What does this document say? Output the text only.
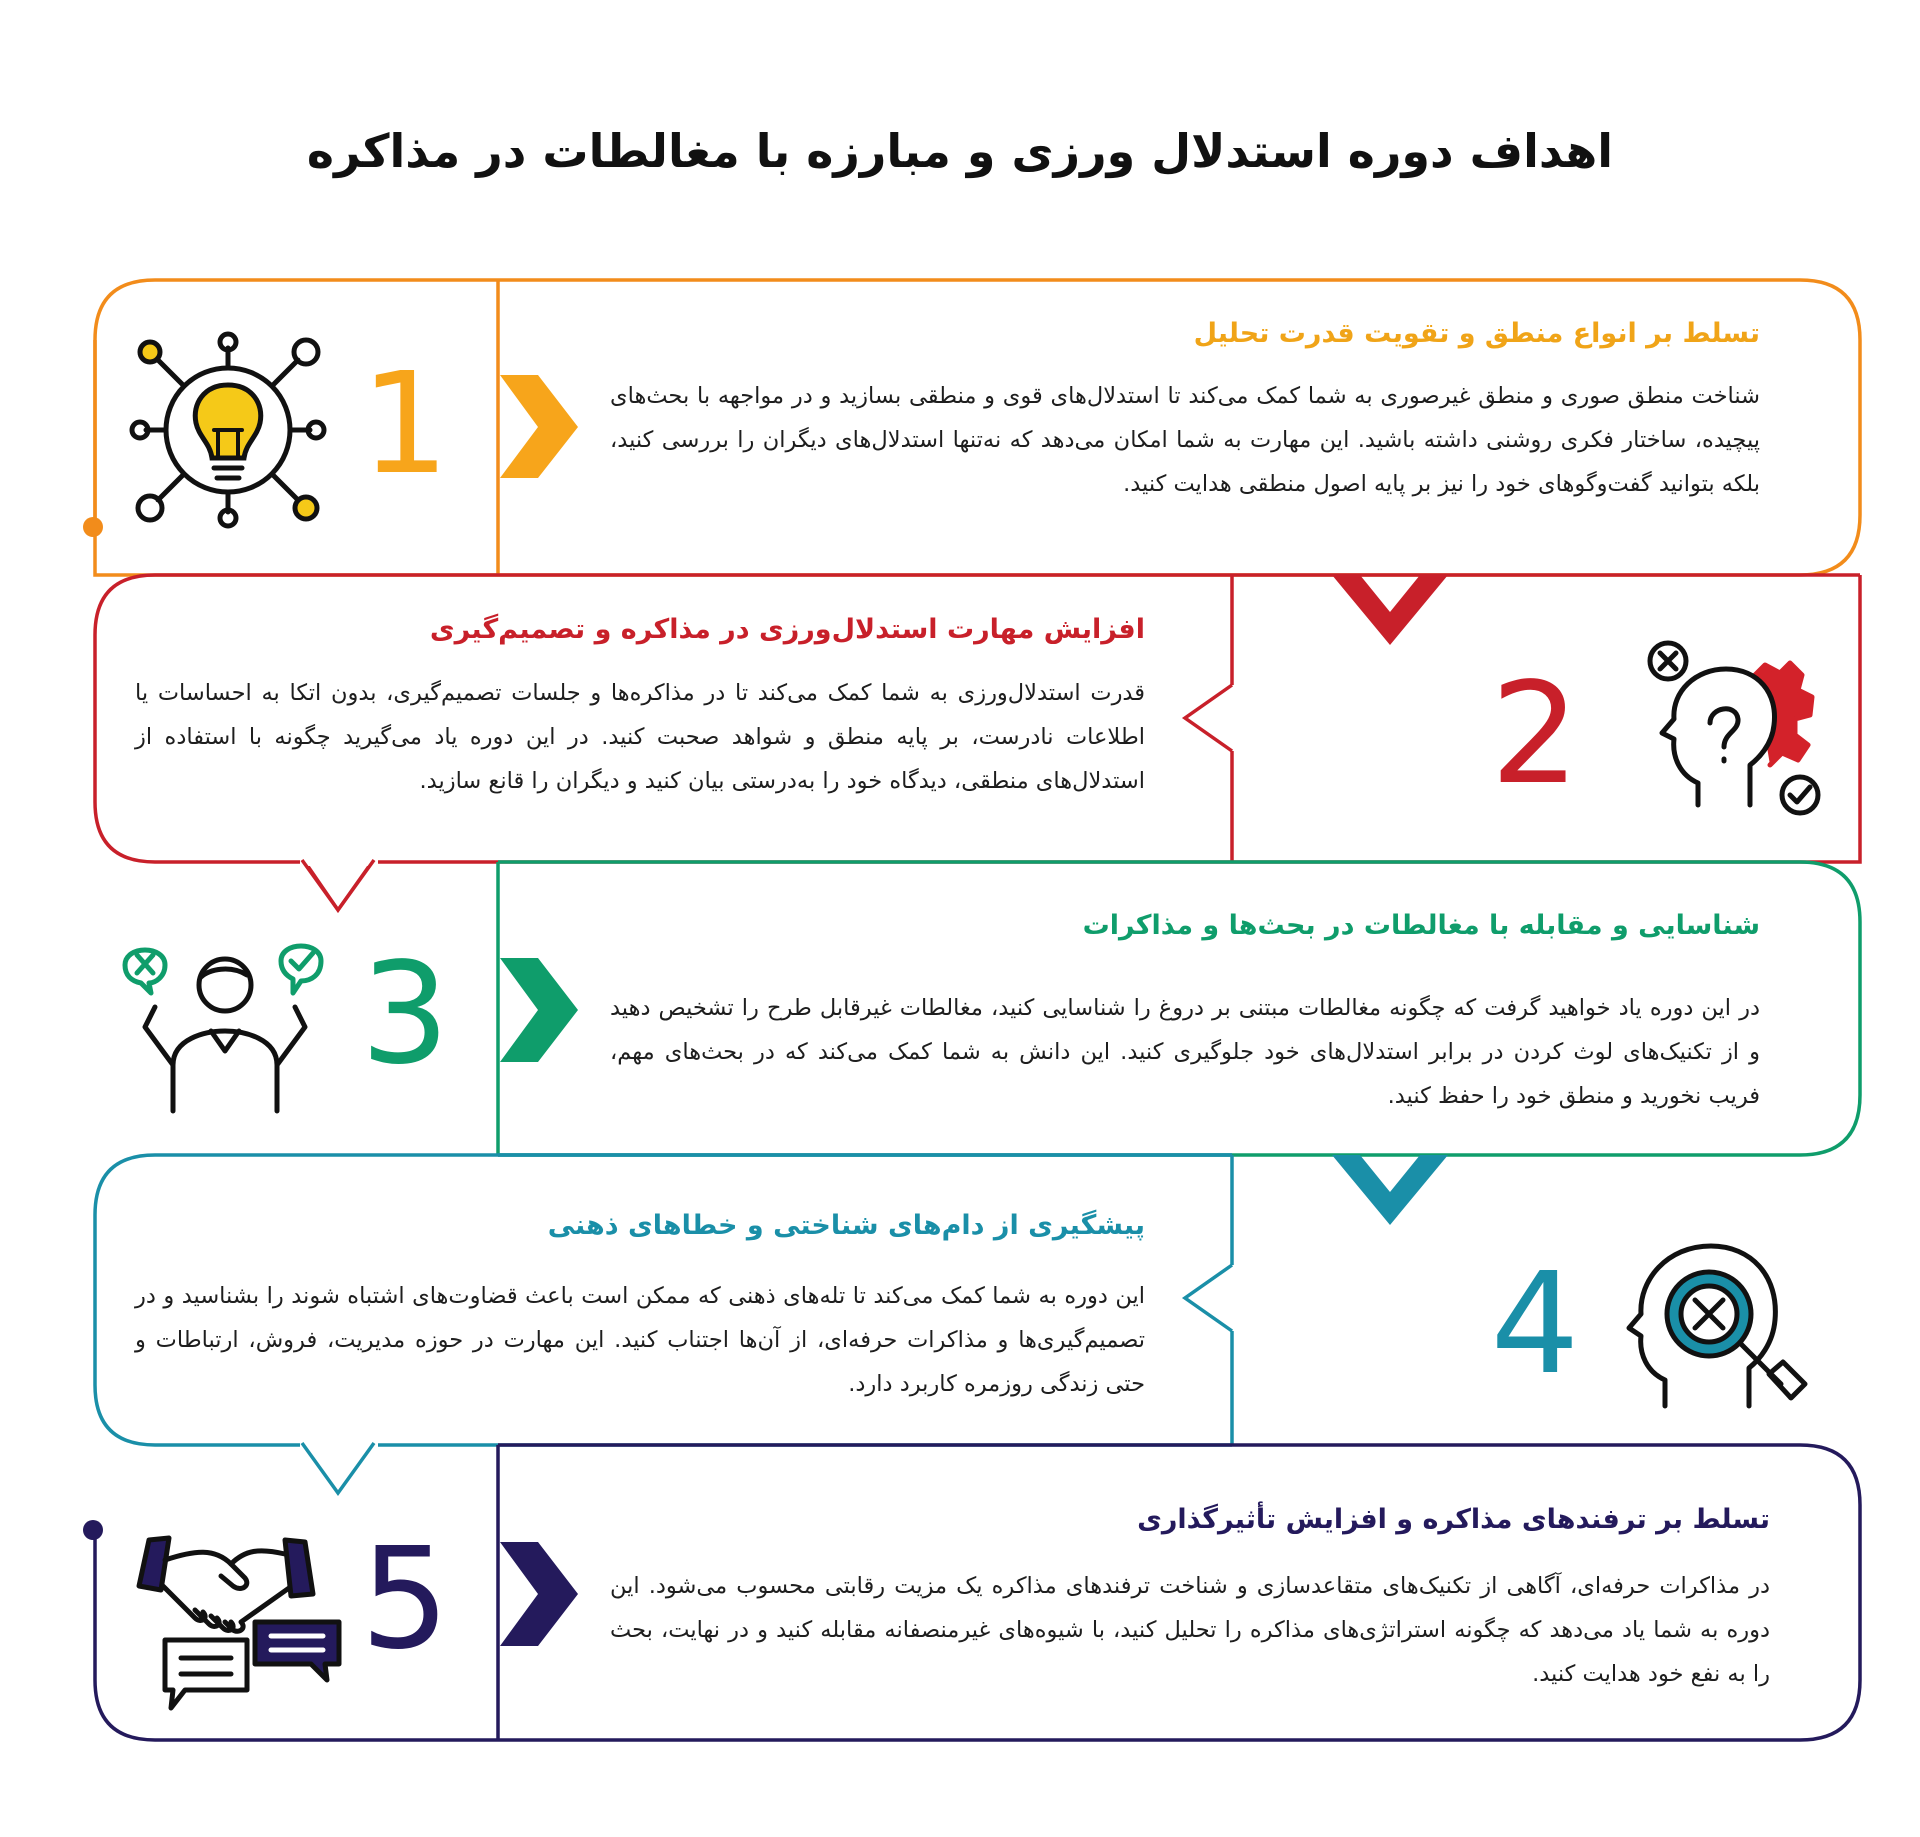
اهداف دوره استدلال ورزی و مبارزه با مغالطات در مذاکره
1
2
3
4
5
تسلط بر انواع منطق و تقویت قدرت تحلیل
افزایش مهارت استدلال‌ورزی در مذاکره و تصمیم‌گیری
شناسایی و مقابله با مغالطات در بحث‌ها و مذاکرات
پیشگیری از دام‌های شناختی و خطاهای ذهنی
تسلط بر ترفندهای مذاکره و افزایش تأثیرگذاری

شناخت منطق صوری و منطق غیرصوری به شما کمک می‌کند تا استدلال‌های قوی و منطقی بسازید و در مواجهه با بحث‌های پیچیده، ساختار فکری روشنی داشته باشید. این مهارت به شما امکان می‌دهد که نه‌تنها استدلال‌های دیگران را بررسی کنید، بلکه بتوانید گفت‌وگوهای خود را نیز بر پایه اصول منطقی هدایت کنید.

قدرت استدلال‌ورزی به شما کمک می‌کند تا در مذاکره‌ها و جلسات تصمیم‌گیری، بدون اتکا به احساسات یا اطلاعات نادرست، بر پایه منطق و شواهد صحبت کنید. در این دوره یاد می‌گیرید چگونه با استفاده از استدلال‌های منطقی، دیدگاه خود را به‌درستی بیان کنید و دیگران را قانع سازید.

در این دوره یاد خواهید گرفت که چگونه مغالطات مبتنی بر دروغ را شناسایی کنید، مغالطات غیرقابل طرح را تشخیص دهید و از تکنیک‌های لوث کردن در برابر استدلال‌های خود جلوگیری کنید. این دانش به شما کمک می‌کند که در بحث‌های مهم، فریب نخورید و منطق خود را حفظ کنید.

این دوره به شما کمک می‌کند تا تله‌های ذهنی که ممکن است باعث قضاوت‌های اشتباه شوند را بشناسید و در تصمیم‌گیری‌ها و مذاکرات حرفه‌ای، از آن‌ها اجتناب کنید. این مهارت در حوزه مدیریت، فروش، ارتباطات و حتی زندگی روزمره کاربرد دارد.

در مذاکرات حرفه‌ای، آگاهی از تکنیک‌های متقاعدسازی و شناخت ترفندهای مذاکره یک مزیت رقابتی محسوب می‌شود. این دوره به شما یاد می‌دهد که چگونه استراتژی‌های مذاکره را تحلیل کنید، با شیوه‌های غیرمنصفانه مقابله کنید و در نهایت، بحث را به نفع خود هدایت کنید.
